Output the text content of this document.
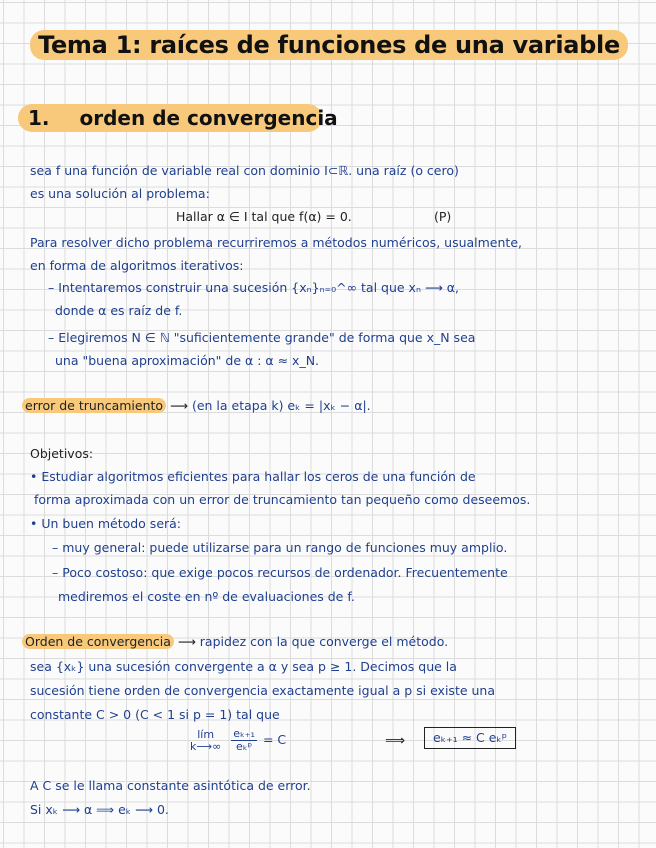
Tema 1: raíces de funciones de una variable
1. orden de convergencia
sea f una función de variable real con dominio I⊂ℝ. una raíz (o cero)
es una solución al problema:
Hallar α ∈ I tal que f(α) = 0.	(P)
Para resolver dicho problema recurriremos a métodos numéricos, usualmente,
en forma de algoritmos iterativos:
– Intentaremos construir una sucesión {xₙ}ₙ₌₀^∞ tal que xₙ ⟶ α,
donde α es raíz de f.
– Elegiremos N ∈ ℕ "suficientemente grande" de forma que x_N sea
una "buena aproximación" de α : α ≈ x_N.
error de truncamiento ⟶ (en la etapa k) eₖ = |xₖ − α|.
Objetivos:
• Estudiar algoritmos eficientes para hallar los ceros de una función de
forma aproximada con un error de truncamiento tan pequeño como deseemos.
• Un buen método será:
– muy general: puede utilizarse para un rango de funciones muy amplio.
– Poco costoso: que exige pocos recursos de ordenador. Frecuentemente
mediremos el coste en nº de evaluaciones de f.
Orden de convergencia ⟶ rapidez con la que converge el método.
sea {xₖ} una sucesión convergente a α y sea p ≥ 1. Decimos que la
sucesión tiene orden de convergencia exactamente igual a p si existe una
constante C > 0 (C < 1 si p = 1) tal que
lím
k⟶∞
$\frac{\text{eₖ₊₁}}{\text{eₖᵖ}} = C$	⟹	eₖ₊₁ ≈ C eₖᵖ
A C se le llama constante asintótica de error.
Si xₖ ⟶ α ⟹ eₖ ⟶ 0.
